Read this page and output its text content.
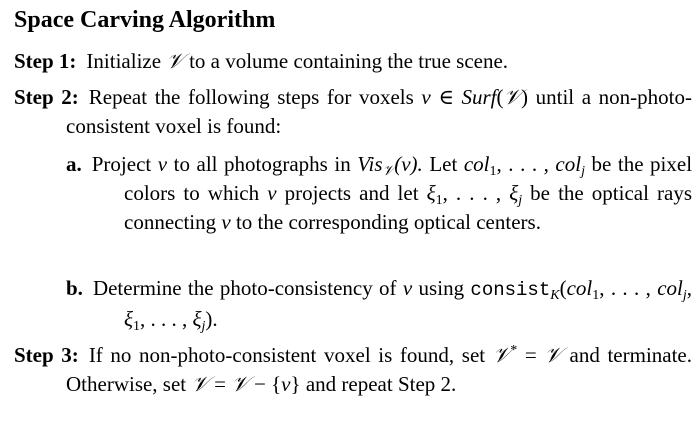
Space Carving Algorithm
Step 1: Initialize 𝒱 to a volume containing the true scene.
Step 2: Repeat the following steps for voxels v ∈ Surf(𝒱) until a non-photo-consistent voxel is found:
a. Project v to all photographs in Vis$_𝒱$(v). Let col$_1$, . . . , col$_j$ be the pixel colors to which v projects and let $\xi_1$, . . . , $\xi_j$ be the optical rays connecting v to the corresponding optical centers.
b. Determine the photo-consistency of v using consist$_K$(col$_1$, . . . , col$_j$, $\xi_1$, . . . , $\xi_j$).
Step 3: If no non-photo-consistent voxel is found, set 𝒱* = 𝒱 and terminate. Otherwise, set 𝒱 = 𝒱 − {v} and repeat Step 2.
